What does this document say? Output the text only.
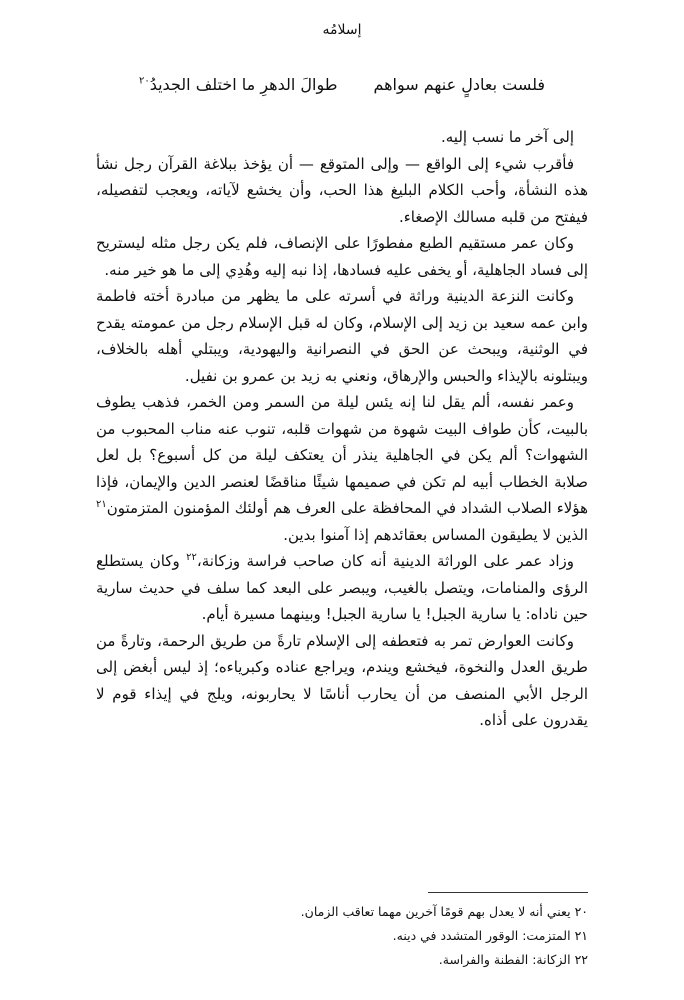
إسلامُه
فلست بعادلٍ عنهم سواهم
طوالَ الدهرِ ما اختلف الجديدُ$^{٢٠}$

إلى آخر ما نسب إليه.

فأقرب شيء إلى الواقع — وإلى المتوقع — أن يؤخذ ببلاغة القرآن رجل نشأ هذه النشأة، وأحب الكلام البليغ هذا الحب، وأن يخشع لآياته، ويعجب لتفصيله، فيفتح من قلبه مسالك الإصغاء.

وكان عمر مستقيم الطبع مفطورًا على الإنصاف، فلم يكن رجل مثله ليستريح إلى فساد الجاهلية، أو يخفى عليه فسادها، إذا نبه إليه وهُدِي إلى ما هو خير منه.

وكانت النزعة الدينية وراثة في أسرته على ما يظهر من مبادرة أخته فاطمة وابن عمه سعيد بن زيد إلى الإسلام، وكان له قبل الإسلام رجل من عمومته يقدح في الوثنية، ويبحث عن الحق في النصرانية واليهودية، ويبتلي أهله بالخلاف، ويبتلونه بالإيذاء والحبس والإرهاق، ونعني به زيد بن عمرو بن نفيل.

وعمر نفسه، ألم يقل لنا إنه يئس ليلة من السمر ومن الخمر، فذهب يطوف بالبيت، كأن طواف البيت شهوة من شهوات قلبه، تنوب عنه مناب المحبوب من الشهوات؟ ألم يكن في الجاهلية ينذر أن يعتكف ليلة من كل أسبوع؟ بل لعل صلابة الخطاب أبيه لم تكن في صميمها شيئًا مناقضًا لعنصر الدين والإيمان، فإذا هؤلاء الصلاب الشداد في المحافظة على العرف هم أولئك المؤمنون المتزمتون$^{٢١}$ الذين لا يطيقون المساس بعقائدهم إذا آمنوا بدين.

وزاد عمر على الوراثة الدينية أنه كان صاحب فراسة وزكانة،$^{٢٢}$ وكان يستطلع الرؤى والمنامات، ويتصل بالغيب، ويبصر على البعد كما سلف في حديث سارية حين ناداه: يا سارية الجبل! يا سارية الجبل! وبينهما مسيرة أيام.

وكانت العوارض تمر به فتعطفه إلى الإسلام تارةً من طريق الرحمة، وتارةً من طريق العدل والنخوة، فيخشع ويندم، ويراجع عناده وكبرياءه؛ إذ ليس أبغض إلى الرجل الأبي المنصف من أن يحارب أناسًا لا يحاربونه، ويلج في إيذاء قوم لا يقدرون على أذاه.

٢٠يعني أنه لا يعدل بهم قومًا آخرين مهما تعاقب الزمان.

٢١المتزمت: الوقور المتشدد في دينه.

٢٢الزكانة: الفطنة والفراسة.
